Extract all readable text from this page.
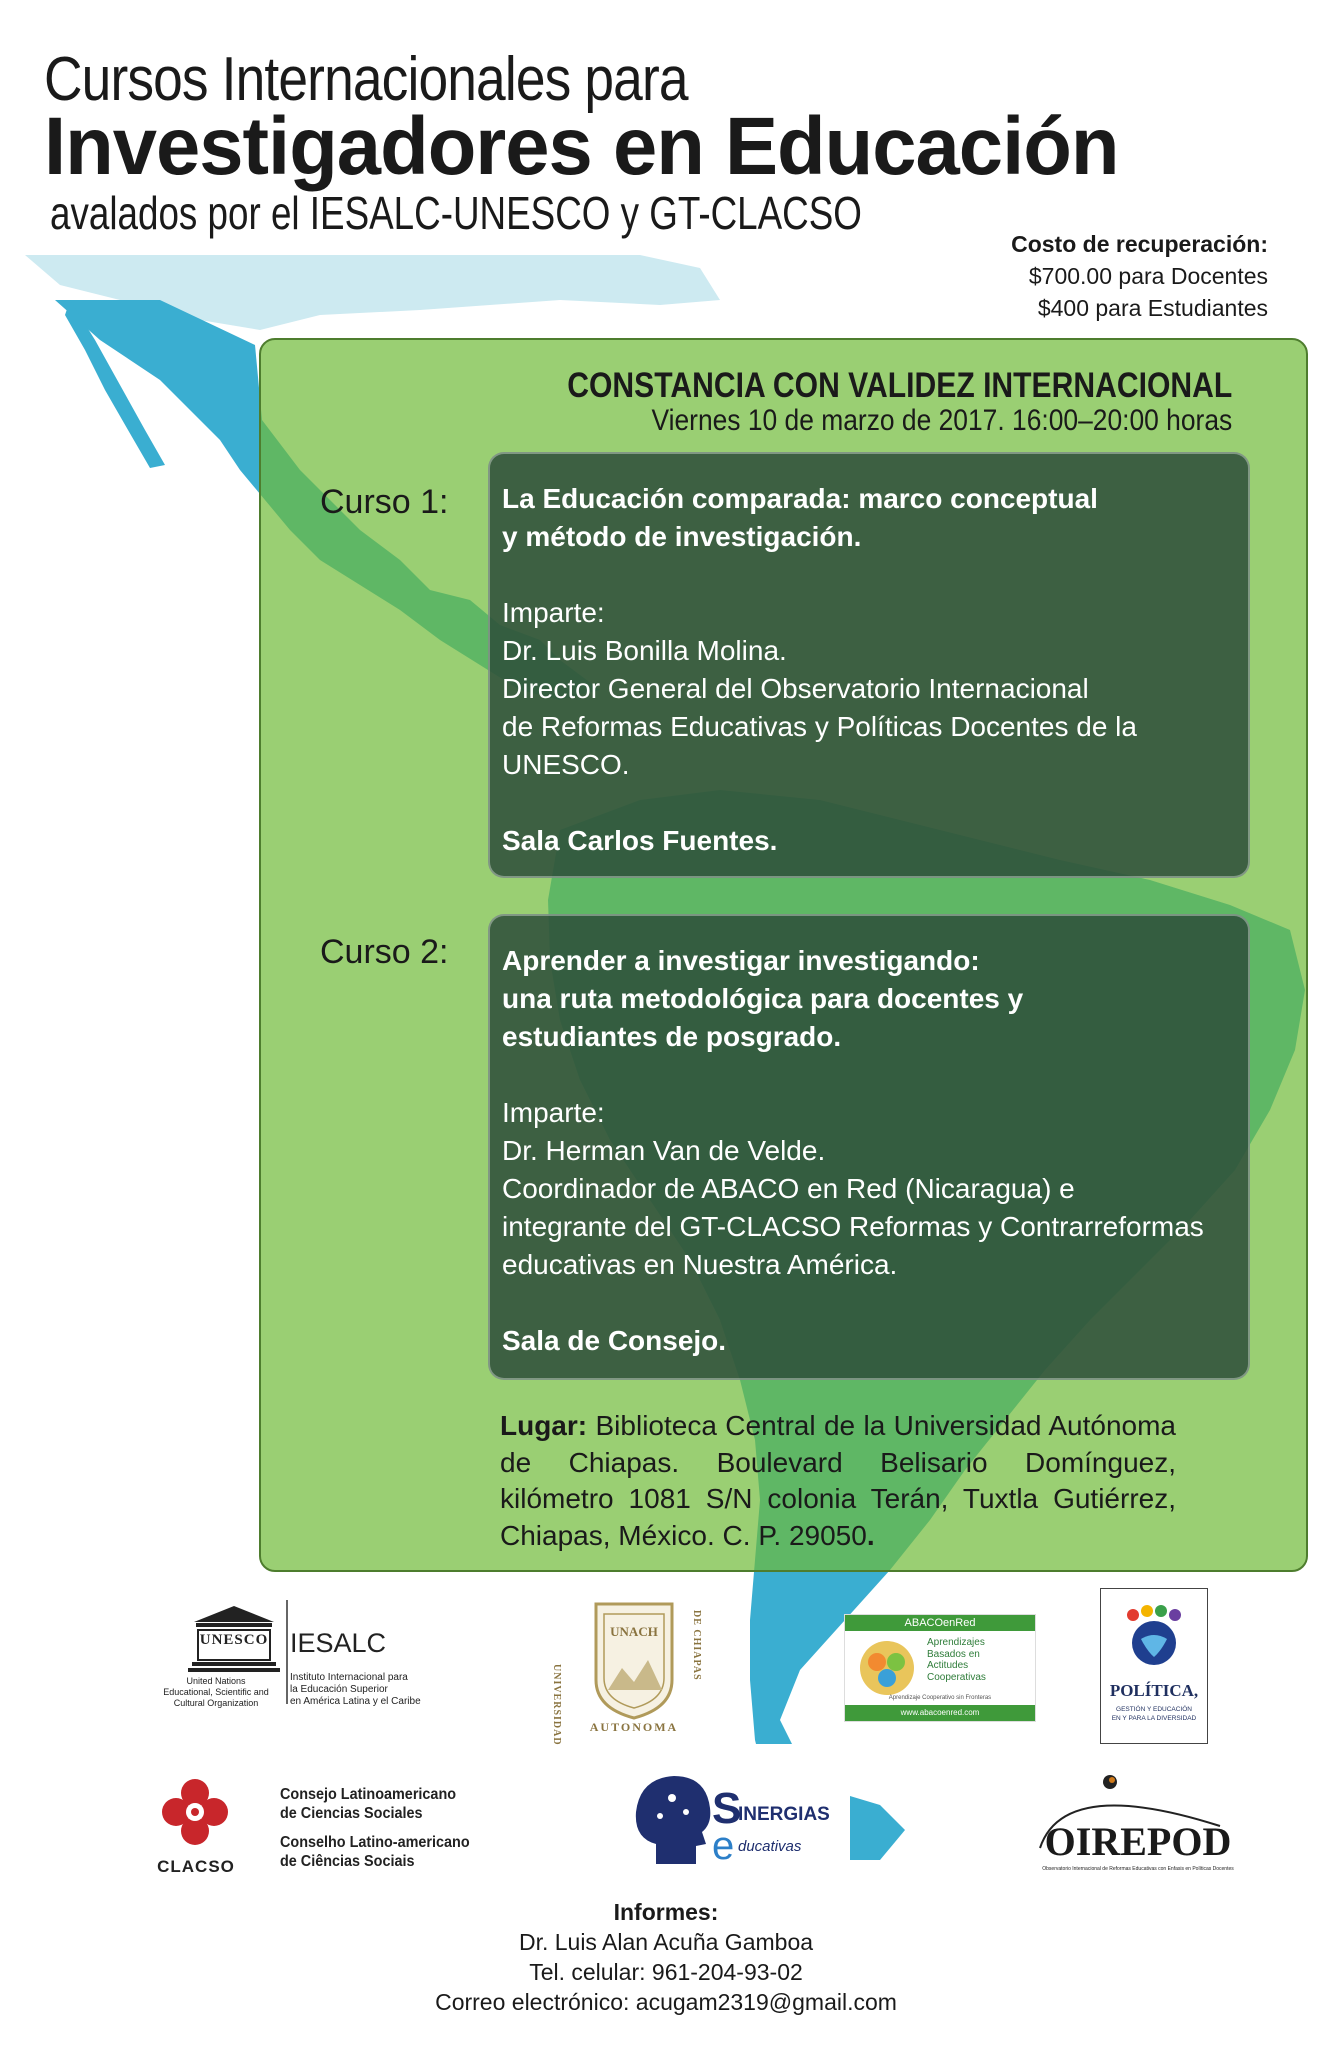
Cursos Internacionales para
Investigadores en Educación
avalados por el IESALC-UNESCO y GT-CLACSO
Costo de recuperación:
$700.00 para Docentes
$400 para Estudiantes
CONSTANCIA CON VALIDEZ INTERNACIONAL
Viernes 10 de marzo de 2017. 16:00–20:00 horas
Curso 1: La Educación comparada: marco conceptual

y método de investigación.

Imparte:

Dr. Luis Bonilla Molina.

Director General del Observatorio Internacional

de Reformas Educativas y Políticas Docentes de la

UNESCO.

Sala Carlos Fuentes.

Curso 2: Aprender a investigar investigando:

una ruta metodológica para docentes y

estudiantes de posgrado.

Imparte:

Dr. Herman Van de Velde.

Coordinador de ABACO en Red (Nicaragua) e

integrante del GT-CLACSO Reformas y Contrarreformas

educativas en Nuestra América.

Sala de Consejo.

Lugar: Biblioteca Central de la Universidad Autónoma de Chiapas. Boulevard Belisario Domínguez, kilómetro 1081 S/N colonia Terán, Tuxtla Gutiérrez, Chiapas, México. C. P. 29050.
UNESCO
United Nations
Educational, Scientific and
Cultural Organization
IESALC
Instituto Internacional para
la Educación Superior
en América Latina y el Caribe
UNACH
UNIVERSIDAD
DE CHIAPAS
AUTONOMA
ABACOenRed
Aprendizajes
Basados en
Actitudes
Cooperativas
Aprendizaje Cooperativo sin Fronteras
www.abacoenred.com
POLÍTICA,
GESTIÓN Y EDUCACIÓN
EN Y PARA LA DIVERSIDAD
CLACSO
Consejo Latinoamericano
de Ciencias Sociales
Conselho Latino-americano
de Ciências Sociais
S
INERGIAS
e ducativas	OIREPOD
Observatorio Internacional de Reformas Educativas con Énfasis en Políticas Docentes
Informes:
Dr. Luis Alan Acuña Gamboa
Tel. celular: 961-204-93-02
Correo electrónico: acugam2319@gmail.com
